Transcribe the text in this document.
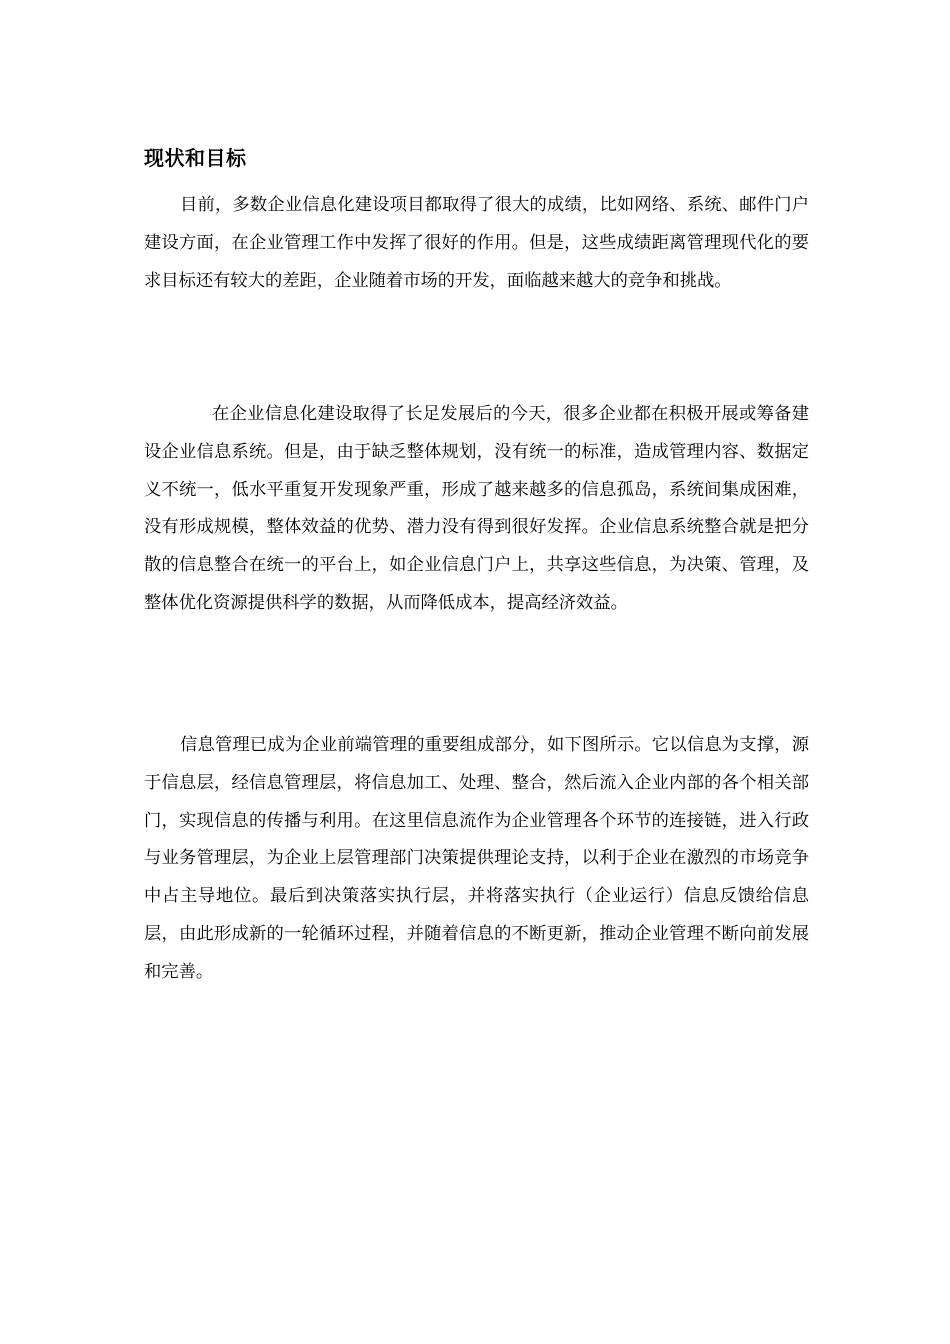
现状和目标

目前，多数企业信息化建设项目都取得了很大的成绩，比如网络、系统、邮件门户建设方面，在企业管理工作中发挥了很好的作用。但是，这些成绩距离管理现代化的要求目标还有较大的差距，企业随着市场的开发，面临越来越大的竞争和挑战。

在企业信息化建设取得了长足发展后的今天，很多企业都在积极开展或筹备建设企业信息系统。但是，由于缺乏整体规划，没有统一的标准，造成管理内容、数据定义不统一，低水平重复开发现象严重，形成了越来越多的信息孤岛，系统间集成困难，没有形成规模，整体效益的优势、潜力没有得到很好发挥。企业信息系统整合就是把分散的信息整合在统一的平台上，如企业信息门户上，共享这些信息，为决策、管理，及整体优化资源提供科学的数据，从而降低成本，提高经济效益。

信息管理已成为企业前端管理的重要组成部分，如下图所示。它以信息为支撑，源于信息层，经信息管理层，将信息加工、处理、整合，然后流入企业内部的各个相关部门，实现信息的传播与利用。在这里信息流作为企业管理各个环节的连接链，进入行政与业务管理层，为企业上层管理部门决策提供理论支持，以利于企业在激烈的市场竞争中占主导地位。最后到决策落实执行层，并将落实执行（企业运行）信息反馈给信息层，由此形成新的一轮循环过程，并随着信息的不断更新，推动企业管理不断向前发展和完善。
